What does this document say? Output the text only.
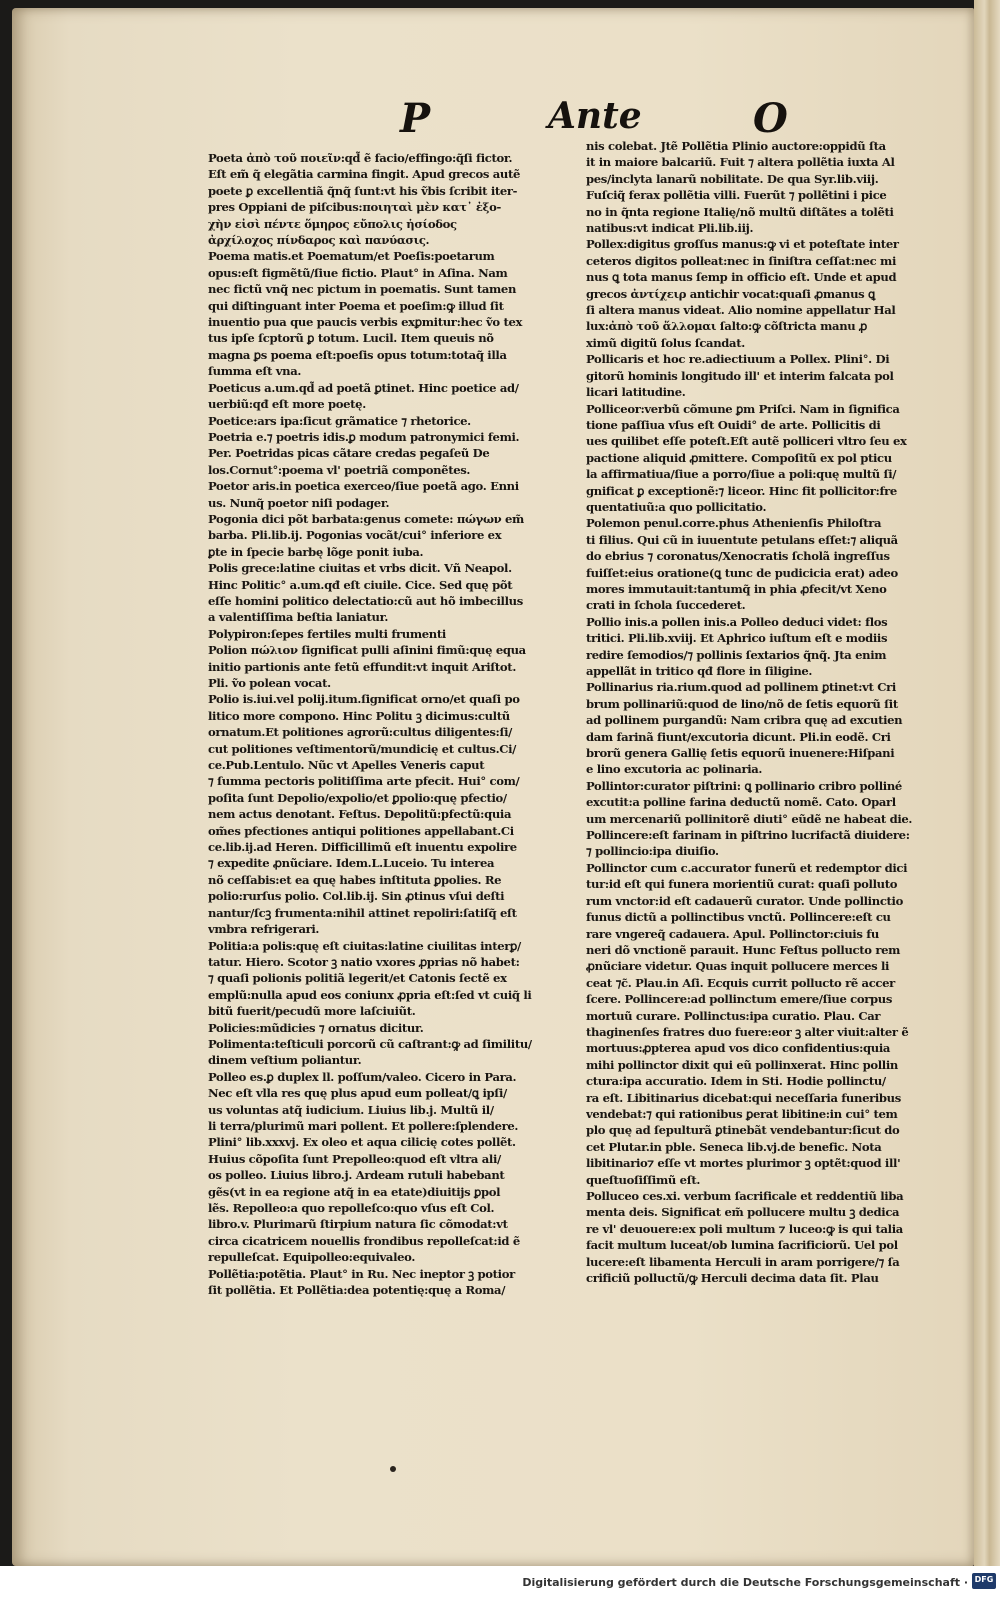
P	Ante	O

Poeta ἀπὸ τοῦ ποιεῖν:qd̃ ẽ facio/effingo:q̃ſi fictor.

Eſt em̃ q̃ elegãtia carmina fingit. Apud grecos autẽ

poete ꝑ excellentiã q̃nq̃ ſunt:vt his ṽbis ſcribit iter-

pres Oppiani de piſcibus:ποιηταὶ μὲν κατ᾽ ἐξο-

χὴν εἰσὶ πέντε ὅμηρος εὔπολις ἡσίοδος

ἀρχίλοχος πίνδαρος καὶ πανύασις.

Poema matis.et Poematum/et Poeſis:poetarum

opus:eſt figmẽtũ/ſiue fictio. Plaut° in Aſina. Nam

nec fictũ vnq̃ nec pictum in poematis. Sunt tamen

qui diſtinguant inter Poema et poeſim:ꝙ illud ſit

inuentio pua que paucis verbis exꝑmitur:hec ṽo tex

tus ipſe ſcptorũ ꝑ totum. Lucil. Item queuis nõ

magna ꝑs poema eſt:poeſis opus totum:totaq̃ illa

ſumma eſt vna.

Poeticus a.um.qd̃ ad poetã ꝑtinet. Hinc poetice ad/

uerbiũ:qđ eſt more poetę.

Poetice:ars ipa:ſicut grãmatice ⁊ rhetorice.

Poetria e.⁊ poetris idis.ꝑ modum patronymici femi.

Per. Poetridas picas cãtare credas pegaſeũ De

los.Cornut°:poema vl' poetriã componẽtes.

Poetor aris.in poetica exerceo/ſiue poetã ago. Enni

us. Nunq̃ poetor niſi podager.

Pogonia dici põt barbata:genus comete: πώγων em̃

barba. Pli.lib.ij. Pogonias vocãt/cui° inferiore ex

ꝑte in ſpecie barbę lõge ponit iuba.

Polis grece:latine ciuitas et vrbs dicit. Vñ Neapol.

Hinc Politic° a.um.qđ eſt ciuile. Cice. Sed quę põt

eſſe homini politico delectatio:cũ aut hõ imbecillus

a valentiſſima beſtia laniatur.

Polypiron:ſepes fertiles multi frumenti

Polion πώλιον ſignificat pulli aſinini fimũ:quę equa

initio partionis ante fetũ effundit:vt inquit Ariſtot.

Pli. ṽo polean vocat.

Polio is.iui.vel polij.itum.ſignificat orno/et quaſi po

litico more compono. Hinc Politu ꝫ dicimus:cultũ

ornatum.Et politiones agrorũ:cultus diligentes:ſi/

cut politiones veſtimentorũ/mundicię et cultus.Ci/

ce.Pub.Lentulo. Nũc vt Apelles Veneris caput

⁊ ſumma pectoris politiſſima arte pfecit. Hui° com/

poſita ſunt Depolio/expolio/et ꝑpolio:quę pfectio/

nem actus denotant. Feſtus. Depolitũ:pfectũ:quia

om̃es pfectiones antiqui politiones appellabant.Ci

ce.lib.ij.ad Heren. Difficillimũ eſt inuentu expolire

⁊ expedite ꝓnũciare. Idem.L.Luceio. Tu interea

nõ ceſſabis:et ea quę habes inſtituta ꝑpolies. Re

polio:rurſus polio. Col.lib.ij. Sin ꝓtinus vſui deſti

nantur/ſcꝫ frumenta:nihil attinet repoliri:ſatiſq̃ eſt

vmbra refrigerari.

Politia:a polis:quę eſt ciuitas:latine ciuilitas interꝑ/

tatur. Hiero. Scotor ꝫ natio vxores ꝓprias nõ habet:

⁊ quaſi polionis politiã legerit/et Catonis ſectẽ ex

emplũ:nulla apud eos coniunx ꝓpria eſt:ſed vt cuiq̃ li

bitũ fuerit/pecudũ more laſciuiũt.

Policies:mũdicies ⁊ ornatus dicitur.

Polimenta:teſticuli porcorũ cũ caſtrant:ꝙ ad ſimilitu/

dinem veſtium poliantur.

Polleo es.ꝑ duplex ll. poſſum/valeo. Cicero in Para.

Nec eſt vlla res quę plus apud eum polleat/ꝗ ipſi/

us voluntas atq̃ iudicium. Liuius lib.j. Multũ il/

li terra/plurimũ mari pollent. Et pollere:ſplendere.

Plini° lib.xxxvj. Ex oleo et aqua cilicię cotes pollẽt.

Huius cõpoſita ſunt Prepolleo:quod eſt vltra ali/

os polleo. Liuius libro.j. Ardeam rutuli habebant

gẽs(vt in ea regione atq̃ in ea etate)diuitijs ꝑpol

lẽs. Repolleo:a quo repolleſco:quo vſus eſt Col.

libro.v. Plurimarũ ſtirpium natura ſic cõmodat:vt

circa cicatricem nouellis frondibus repolleſcat:id ẽ

repulleſcat. Equipolleo:equivaleo.

Pollẽtia:potẽtia. Plaut° in Ru. Nec ineptor ꝫ potior

ſit pollẽtia. Et Pollẽtia:dea potentię:quę a Roma/

nis colebat. Jtẽ Pollẽtia Plinio auctore:oppidũ ſta

it in maiore balcariũ. Fuit ⁊ altera pollẽtia iuxta Al

pes/inclyta lanarũ nobilitate. De qua Syr.lib.viij.

Fuſciq̃ ferax pollẽtia villi. Fuerũt ⁊ pollẽtini i pice

no in q̃nta regione Italię/nõ multũ diſtãtes a tolẽti

natibus:vt indicat Pli.lib.iij.

Pollex:digitus groſſus manus:ꝙ vi et poteſtate inter

ceteros digitos polleat:nec in ſiniſtra ceſſat:nec mi

nus ꝗ tota manus ſemp in officio eſt. Unde et apud

grecos ἀντίχειρ antichir vocat:quaſi ꝓmanus ꝗ

ſi altera manus videat. Alio nomine appellatur Hal

lux:ἀπὸ τοῦ ἅλλομαι ſalto:ꝙ cõſtricta manu ꝓ

ximũ digitũ ſolus ſcandat.

Pollicaris et hoc re.adiectiuum a Pollex. Plini°. Di

gitorũ hominis longitudo ill' et interim falcata pol

licari latitudine.

Polliceor:verbũ cõmune ꝑm Priſci. Nam in ſignifica

tione paſſiua vſus eſt Ouidi° de arte. Pollicitis di

ues quilibet eſſe poteſt.Eſt autẽ polliceri vltro ſeu ex

pactione aliquid ꝓmittere. Compoſitũ ex pol pticu

la affirmatiua/ſiue a porro/ſiue a poli:quę multũ ſi/

gnificat ꝑ exceptionẽ:⁊ liceor. Hinc fit pollicitor:fre

quentatiuũ:a quo pollicitatio.

Polemon penul.corre.phus Athenienſis Philoſtra

ti filius. Qui cũ in iuuentute petulans eſſet:⁊ aliquã

do ebrius ⁊ coronatus/Xenocratis ſcholã ingreſſus

fuiſſet:eius oratione(ꝗ tunc de pudicicia erat) adeo

mores immutauit:tantumq̃ in phia ꝓfecit/vt Xeno

crati in ſchola ſuccederet.

Pollio inis.a pollen inis.a Polleo deduci videt: flos

tritici. Pli.lib.xviij. Et Aphrico iuſtum eſt e modiis

redire ſemodios/⁊ pollinis ſextarios q̃nq̃. Jta enim

appellãt in tritico qđ flore in ſiligine.

Pollinarius ria.rium.quod ad pollinem ꝑtinet:vt Cri

brum pollinariũ:quod de lino/nõ de ſetis equorũ ſit

ad pollinem purgandũ: Nam cribra quę ad excutien

dam farinã fiunt/excutoria dicunt. Pli.in eodẽ. Cri

brorũ genera Gallię ſetis equorũ inuenere:Hiſpani

e lino excutoria ac polinaria.

Pollintor:curator piſtrini: ꝗ pollinario cribro polliné

excutit:a polline farina deductũ nomẽ. Cato. Oparl

um mercenariũ pollinitorẽ diuti° eũdẽ ne habeat die.

Pollincere:eſt farinam in piſtrino lucrifactã diuidere:

⁊ pollincio:ipa diuiſio.

Pollinctor cum c.accurator funerũ et redemptor dici

tur:id eſt qui funera morientiũ curat: quaſi polluto

rum vnctor:id eſt cadauerũ curator. Unde pollinctio

funus dictũ a pollinctibus vnctũ. Pollincere:eſt cu

rare vngereq̃ cadauera. Apul. Pollinctor:ciuis fu

neri dõ vnctionẽ parauit. Hunc Feſtus pollucto rem

ꝓnũciare videtur. Quas inquit pollucere merces li

ceat ⁊c̃. Plau.in Aſi. Ecquis currit pollucto rẽ accer

ſcere. Pollincere:ad pollinctum emere/ſiue corpus

mortuũ curare. Pollinctus:ipa curatio. Plau. Car

thaginenſes fratres duo fuere:eor ꝫ alter viuit:alter ẽ

mortuus:ꝓpterea apud vos dico confidentius:quia

mihi pollinctor dixit qui eũ pollinxerat. Hinc pollin

ctura:ipa accuratio. Idem in Sti. Hodie pollinctu/

ra eſt. Libitinarius dicebat:qui neceſſaria funeribus

vendebat:⁊ qui rationibus ꝑerat libitine:in cui° tem

plo quę ad ſepulturã ꝑtinebãt vendebantur:ſicut do

cet Plutar.in pble. Seneca lib.vj.de benefic. Nota

libitinario⁊ eſſe vt mortes plurimor ꝫ optẽt:quod ill'

queſtuoſiſſimũ eſt.

Polluceo ces.xi. verbum ſacrificale et reddentiũ liba

menta deis. Significat em̃ pollucere multu ꝫ dedica

re vl' deuouere:ex poli multum ⁊ luceo:ꝙ is qui talia

facit multum luceat/ob lumina ſacrificiorũ. Uel pol

lucere:eſt libamenta Herculi in aram porrigere/⁊ ſa

crificiũ polluctũ/ꝙ Herculi decima data ſit. Plau

Digitalisierung gefördert durch die Deutsche Forschungsgemeinschaft · DFG
